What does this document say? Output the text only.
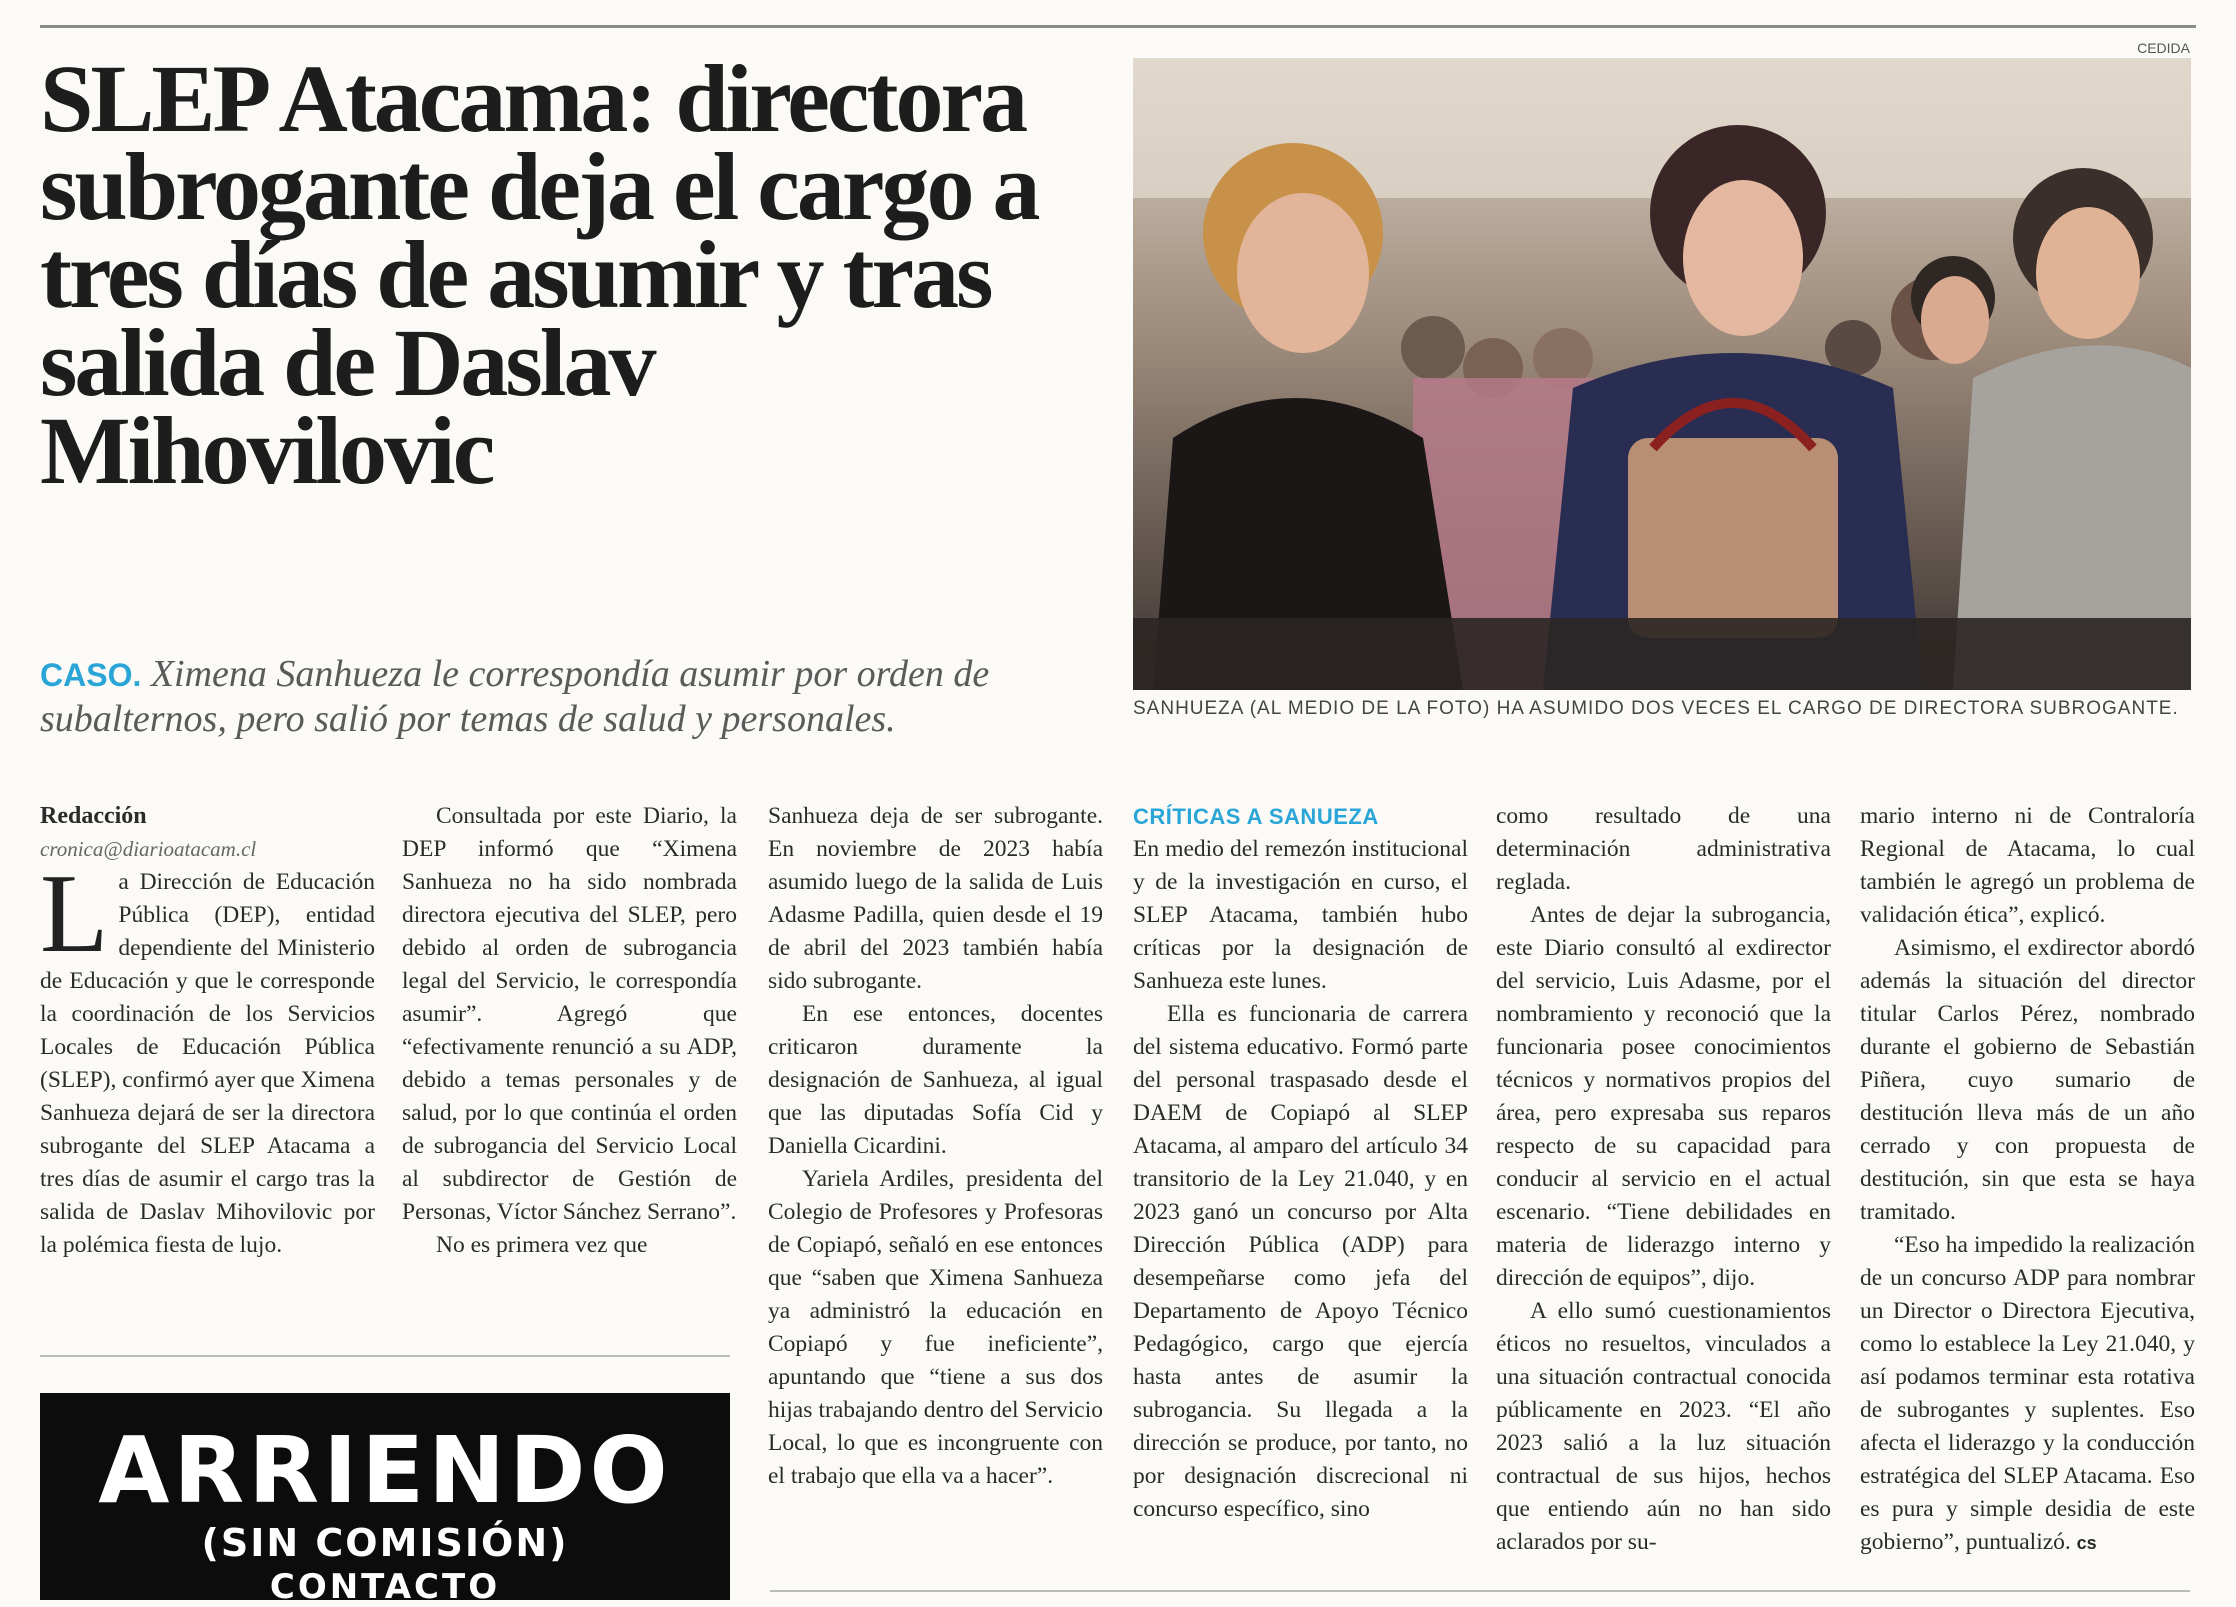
SLEP Atacama: directora subrogante deja el cargo a tres días de asumir y tras salida de Daslav Mihovilovic

CASO. Ximena Sanhueza le correspondía asumir por orden de subalternos, pero salió por temas de salud y personales.

CEDIDA

SANHUEZA (AL MEDIO DE LA FOTO) HA ASUMIDO DOS VECES EL CARGO DE DIRECTORA SUBROGANTE.

Redacción

cronica@diarioatacam.cl

La Dirección de Educación Pública (DEP), entidad dependiente del Ministerio de Educación y que le corresponde la coordinación de los Servicios Locales de Educación Pública (SLEP), confirmó ayer que Ximena Sanhueza dejará de ser la directora subrogante del SLEP Atacama a tres días de asumir el cargo tras la salida de Daslav Mihovilovic por la polémica fiesta de lujo.

Consultada por este Diario, la DEP informó que “Ximena Sanhueza no ha sido nombrada directora ejecutiva del SLEP, pero debido al orden de subrogancia legal del Servicio, le correspondía asumir”. Agregó que “efectivamente renunció a su ADP, debido a temas personales y de salud, por lo que continúa el orden de subrogancia del Servicio Local al subdirector de Gestión de Personas, Víctor Sánchez Serrano”.

No es primera vez que

Sanhueza deja de ser subrogante. En noviembre de 2023 había asumido luego de la salida de Luis Adasme Padilla, quien desde el 19 de abril del 2023 también había sido subrogante.

En ese entonces, docentes criticaron duramente la designación de Sanhueza, al igual que las diputadas Sofía Cid y Daniella Cicardini.

Yariela Ardiles, presidenta del Colegio de Profesores y Profesoras de Copiapó, señaló en ese entonces que “saben que Ximena Sanhueza ya administró la educación en Copiapó y fue ineficiente”, apuntando que “tiene a sus dos hijas trabajando dentro del Servicio Local, lo que es incongruente con el trabajo que ella va a hacer”.

CRÍTICAS A SANUEZA

En medio del remezón institucional y de la investigación en curso, el SLEP Atacama, también hubo críticas por la designación de Sanhueza este lunes.

Ella es funcionaria de carrera del sistema educativo. Formó parte del personal traspasado desde el DAEM de Copiapó al SLEP Atacama, al amparo del artículo 34 transitorio de la Ley 21.040, y en 2023 ganó un concurso por Alta Dirección Pública (ADP) para desempeñarse como jefa del Departamento de Apoyo Técnico Pedagógico, cargo que ejercía hasta antes de asumir la subrogancia. Su llegada a la dirección se produce, por tanto, no por designación discrecional ni concurso específico, sino

como resultado de una determinación administrativa reglada.

Antes de dejar la subrogancia, este Diario consultó al exdirector del servicio, Luis Adasme, por el nombramiento y reconoció que la funcionaria posee conocimientos técnicos y normativos propios del área, pero expresaba sus reparos respecto de su capacidad para conducir al servicio en el actual escenario. “Tiene debilidades en materia de liderazgo interno y dirección de equipos”, dijo.

A ello sumó cuestionamientos éticos no resueltos, vinculados a una situación contractual conocida públicamente en 2023. “El año 2023 salió a la luz situación contractual de sus hijos, hechos que entiendo aún no han sido aclarados por su-

mario interno ni de Contraloría Regional de Atacama, lo cual también le agregó un problema de validación ética”, explicó.

Asimismo, el exdirector abordó además la situación del director titular Carlos Pérez, nombrado durante el gobierno de Sebastián Piñera, cuyo sumario de destitución lleva más de un año cerrado y con propuesta de destitución, sin que esta se haya tramitado.

“Eso ha impedido la realización de un concurso ADP para nombrar un Director o Directora Ejecutiva, como lo establece la Ley 21.040, y así podamos terminar esta rotativa de subrogantes y suplentes. Eso afecta el liderazgo y la conducción estratégica del SLEP Atacama. Eso es pura y simple desidia de este gobierno”, puntualizó. cs

ARRIENDO
(SIN COMISIÓN)
CONTACTO
